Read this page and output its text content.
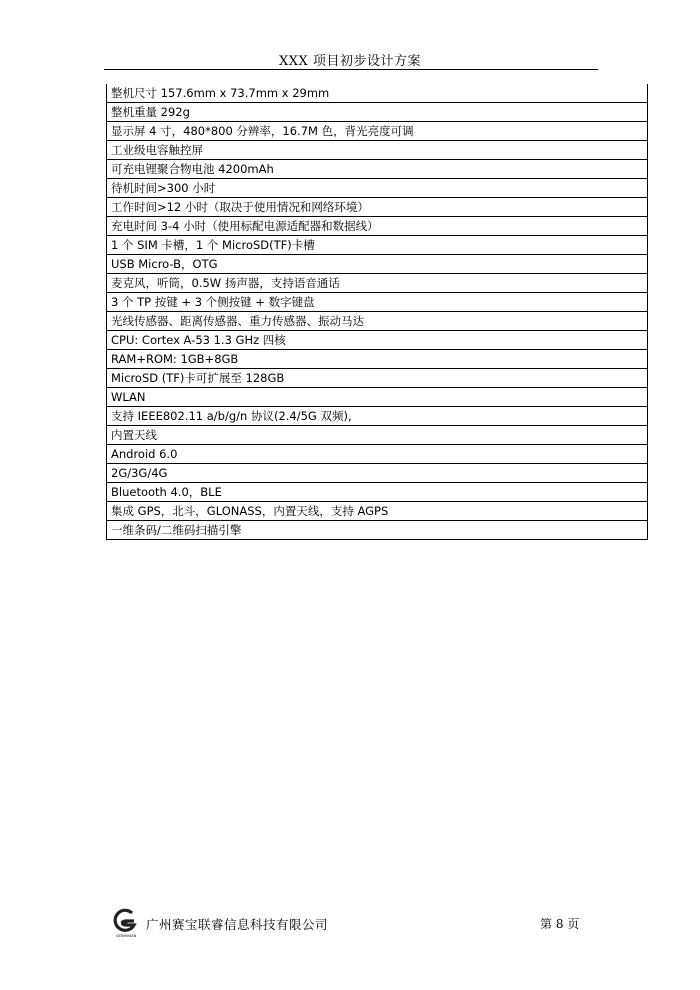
XXX 项目初步设计方案
整机尺寸 157.6mm x 73.7mm x 29mm
整机重量 292g
显示屏 4 寸，480*800 分辨率，16.7M 色，背光亮度可调
工业级电容触控屏
可充电锂聚合物电池 4200mAh
待机时间>300 小时
工作时间>12 小时（取决于使用情况和网络环境）
充电时间 3-4 小时（使用标配电源适配器和数据线）
1 个 SIM 卡槽，1 个 MicroSD(TF)卡槽
USB Micro-B，OTG
麦克风，听筒，0.5W 扬声器，支持语音通话
3 个 TP 按键 + 3 个侧按键 + 数字键盘
光线传感器、距离传感器、重力传感器、振动马达
CPU: Cortex A-53 1.3 GHz 四核
RAM+ROM: 1GB+8GB
MicroSD (TF)卡可扩展至 128GB
WLAN
支持 IEEE802.11 a/b/g/n 协议(2.4/5G 双频),
内置天线
Android 6.0
2G/3G/4G
Bluetooth 4.0，BLE
集成 GPS，北斗，GLONASS，内置天线，支持 AGPS
一维条码/二维码扫描引擎
GERMINIAN
广州赛宝联睿信息科技有限公司	第 8 页
